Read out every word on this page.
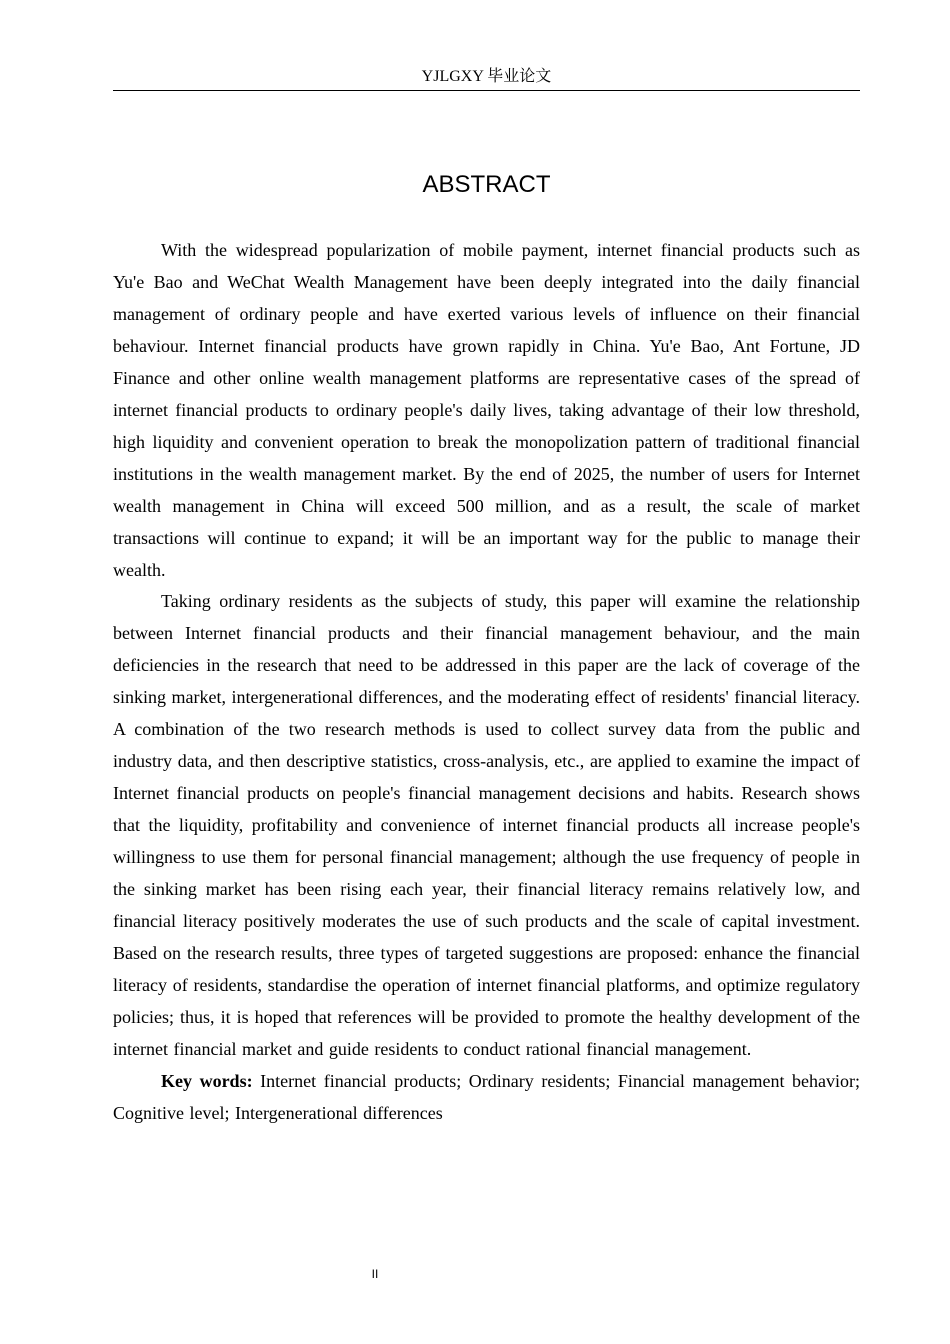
YJLGXY 毕业论文
ABSTRACT

With the widespread popularization of mobile payment, internet financial products such as Yu'e Bao and WeChat Wealth Management have been deeply integrated into the daily financial management of ordinary people and have exerted various levels of influence on their financial behaviour. Internet financial products have grown rapidly in China. Yu'e Bao, Ant Fortune, JD Finance and other online wealth management platforms are representative cases of the spread of internet financial products to ordinary people's daily lives, taking advantage of their low threshold, high liquidity and convenient operation to break the monopolization pattern of traditional financial institutions in the wealth management market. By the end of 2025, the number of users for Internet wealth management in China will exceed 500 million, and as a result, the scale of market transactions will continue to expand; it will be an important way for the public to manage their wealth.

Taking ordinary residents as the subjects of study, this paper will examine the relationship between Internet financial products and their financial management behaviour, and the main deficiencies in the research that need to be addressed in this paper are the lack of coverage of the sinking market, intergenerational differences, and the moderating effect of residents' financial literacy. A combination of the two research methods is used to collect survey data from the public and industry data, and then descriptive statistics, cross-analysis, etc., are applied to examine the impact of Internet financial products on people's financial management decisions and habits. Research shows that the liquidity, profitability and convenience of internet financial products all increase people's willingness to use them for personal financial management; although the use frequency of people in the sinking market has been rising each year, their financial literacy remains relatively low, and financial literacy positively moderates the use of such products and the scale of capital investment. Based on the research results, three types of targeted suggestions are proposed: enhance the financial literacy of residents, standardise the operation of internet financial platforms, and optimize regulatory policies; thus, it is hoped that references will be provided to promote the healthy development of the internet financial market and guide residents to conduct rational financial management.

Key words: Internet financial products; Ordinary residents; Financial management behavior; Cognitive level; Intergenerational differences

II
